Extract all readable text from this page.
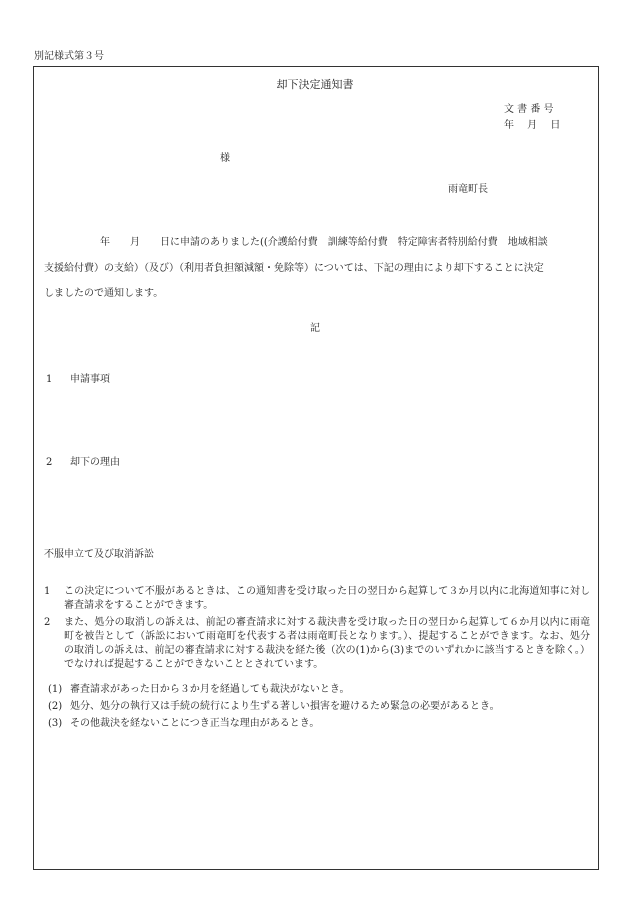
別記様式第３号
却下決定通知書
文 書 番 号
年　 月　 日
様
雨竜町長
年　　月　　日に申請のありました((介護給付費　訓練等給付費　特定障害者特別給付費　地域相談
支援給付費）の支給）（及び）（利用者負担額減額・免除等）については、下記の理由により却下することに決定
しましたので通知します。
記
1 申請事項
2 却下の理由
不服申立て及び取消訴訟
1	この決定について不服があるときは、この通知書を受け取った日の翌日から起算して３か月以内に北海道知事に対し審査請求をすることができます。
2	また、処分の取消しの訴えは、前記の審査請求に対する裁決書を受け取った日の翌日から起算して６か月以内に雨竜町を被告として（訴訟において雨竜町を代表する者は雨竜町長となります。）、提起することができます。なお、処分の取消しの訴えは、前記の審査請求に対する裁決を経た後（次の(1)から(3)までのいずれかに該当するときを除く。）でなければ提起することができないこととされています。
(1) 審査請求があった日から３か月を経過しても裁決がないとき。
(2) 処分、処分の執行又は手続の続行により生ずる著しい損害を避けるため緊急の必要があるとき。
(3) その他裁決を経ないことにつき正当な理由があるとき。
